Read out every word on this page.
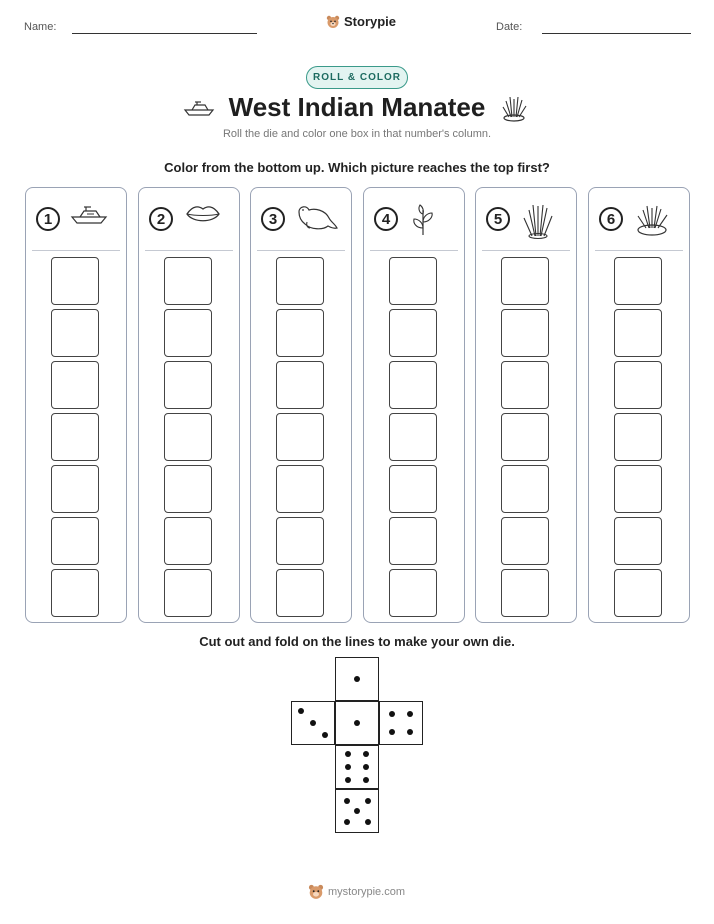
Name:	Storypie	Date:
ROLL & COLOR
West Indian Manatee
Roll the die and color one box in that number's column.
Color from the bottom up. Which picture reaches the top first?
1	2	3	4	5	6
Cut out and fold on the lines to make your own die.
mystorypie.com
